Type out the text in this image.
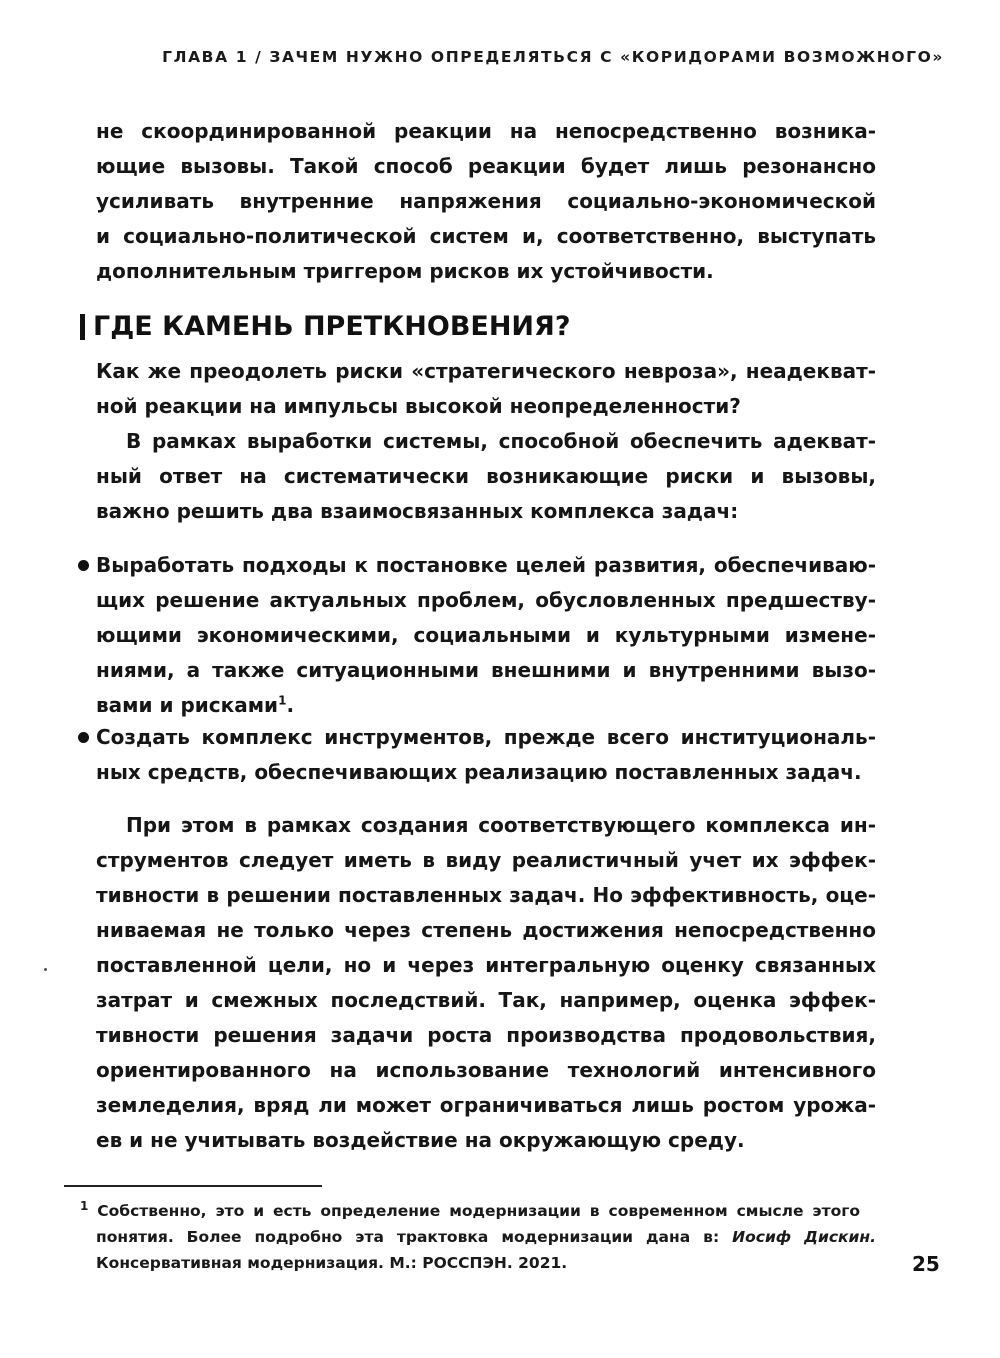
ГЛАВА 1 / ЗАЧЕМ НУЖНО ОПРЕДЕЛЯТЬСЯ С «КОРИДОРАМИ ВОЗМОЖНОГО»
не скоординированной реакции на непосредственно возника-
ющие вызовы. Такой способ реакции будет лишь резонансно
усиливать внутренние напряжения социально-экономической
и социально-политической систем и, соответственно, выступать
дополнительным триггером рисков их устойчивости.
ГДЕ КАМЕНЬ ПРЕТКНОВЕНИЯ?
Как же преодолеть риски «стратегического невроза», неадекват-
ной реакции на импульсы высокой неопределенности?
В рамках выработки системы, способной обеспечить адекват-
ный ответ на систематически возникающие риски и вызовы,
важно решить два взаимосвязанных комплекса задач:
Выработать подходы к постановке целей развития, обеспечиваю-
щих решение актуальных проблем, обусловленных предшеству-
ющими экономическими, социальными и культурными измене-
ниями, а также ситуационными внешними и внутренними вызо-
вами и рисками$^1$.
Создать комплекс инструментов, прежде всего институциональ-
ных средств, обеспечивающих реализацию поставленных задач.
При этом в рамках создания соответствующего комплекса ин-
струментов следует иметь в виду реалистичный учет их эффек-
тивности в решении поставленных задач. Но эффективность, оце-
ниваемая не только через степень достижения непосредственно
поставленной цели, но и через интегральную оценку связанных
затрат и смежных последствий. Так, например, оценка эффек-
тивности решения задачи роста производства продовольствия,
ориентированного на использование технологий интенсивного
земледелия, вряд ли может ограничиваться лишь ростом урожа-
ев и не учитывать воздействие на окружающую среду.
$^1$ Собственно, это и есть определение модернизации в современном смысле этого
понятия. Более подробно эта трактовка модернизации дана в: Иосиф Дискин.
Консервативная модернизация. М.: РОССПЭН. 2021.	25
